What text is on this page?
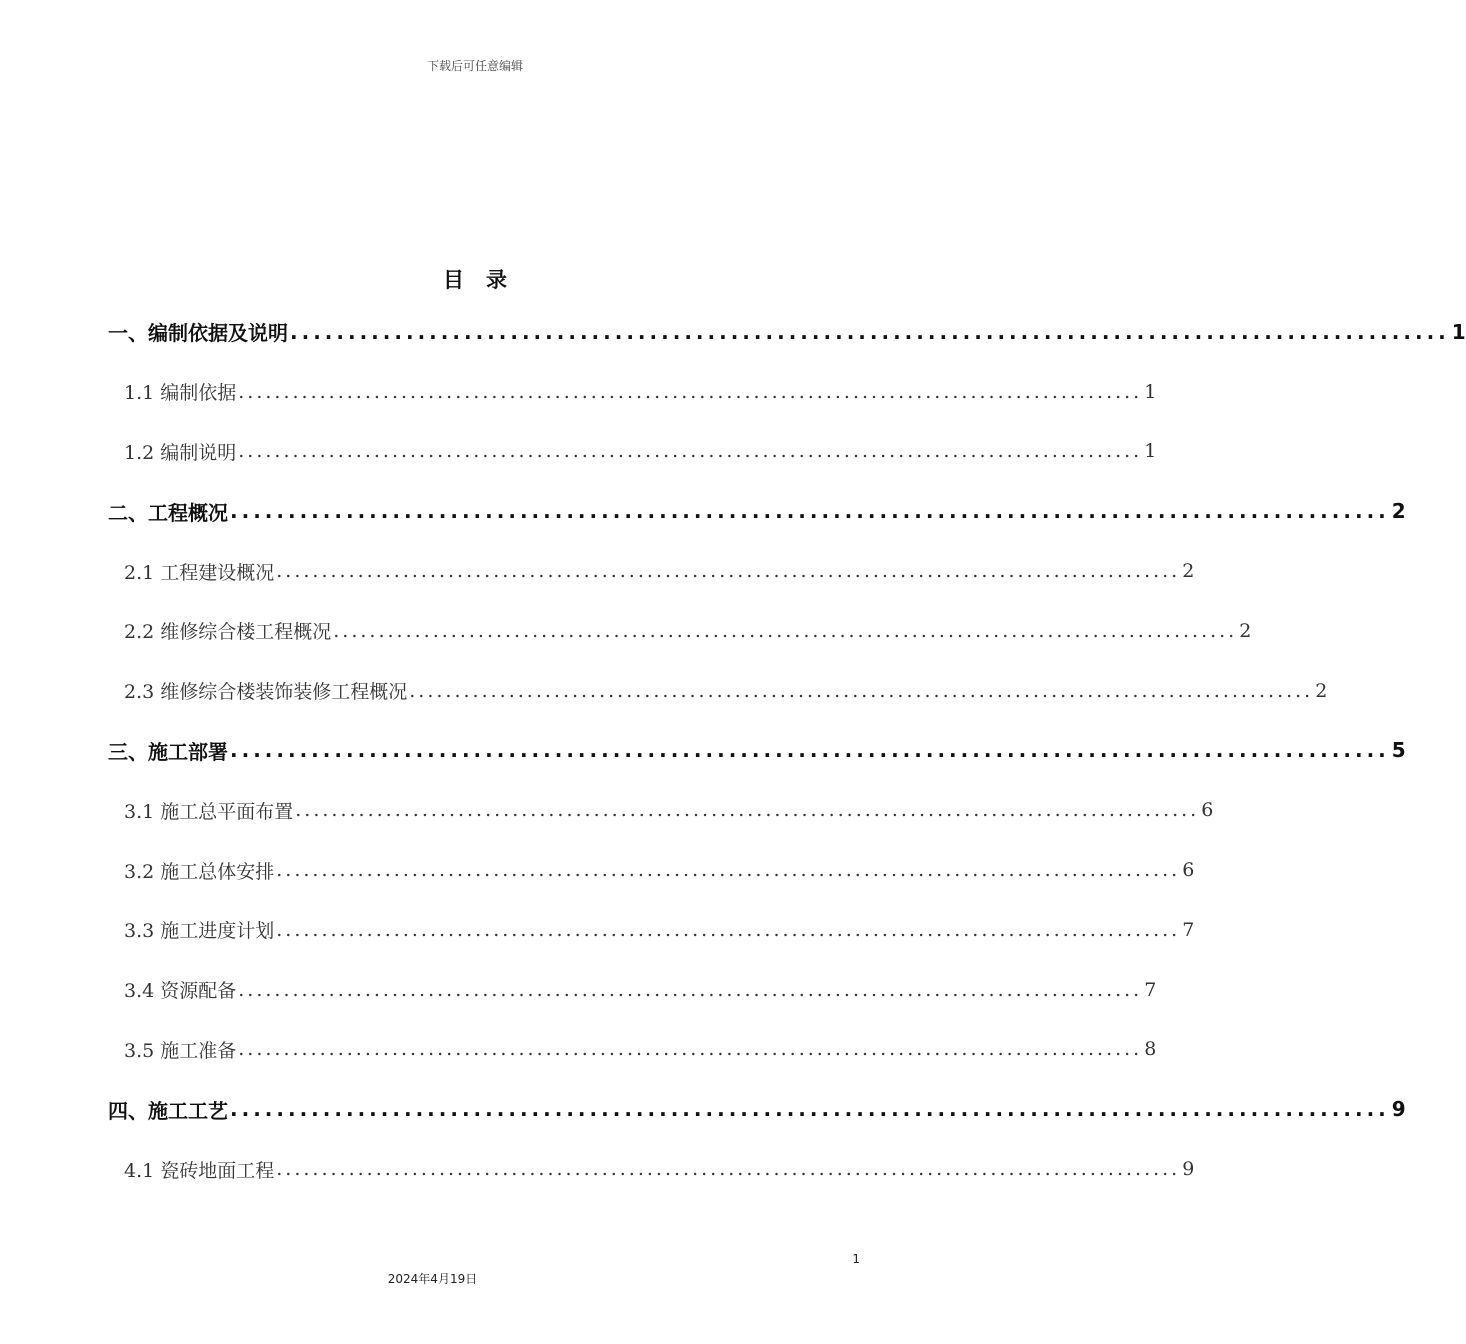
下载后可任意编辑
目录
一、编制依据及说明 .................................................................................................... 1
1.1 编制依据 .................................................................................................... 1
1.2 编制说明 .................................................................................................... 1
二、工程概况 .................................................................................................... 2
2.1 工程建设概况 .................................................................................................... 2
2.2 维修综合楼工程概况 .................................................................................................... 2
2.3 维修综合楼装饰装修工程概况 .................................................................................................... 2
三、施工部署 .................................................................................................... 5
3.1 施工总平面布置 .................................................................................................... 6
3.2 施工总体安排 .................................................................................................... 6
3.3 施工进度计划 .................................................................................................... 7
3.4 资源配备 .................................................................................................... 7
3.5 施工准备 .................................................................................................... 8
四、施工工艺 .................................................................................................... 9
4.1 瓷砖地面工程 .................................................................................................... 9
1
2024年4月19日
